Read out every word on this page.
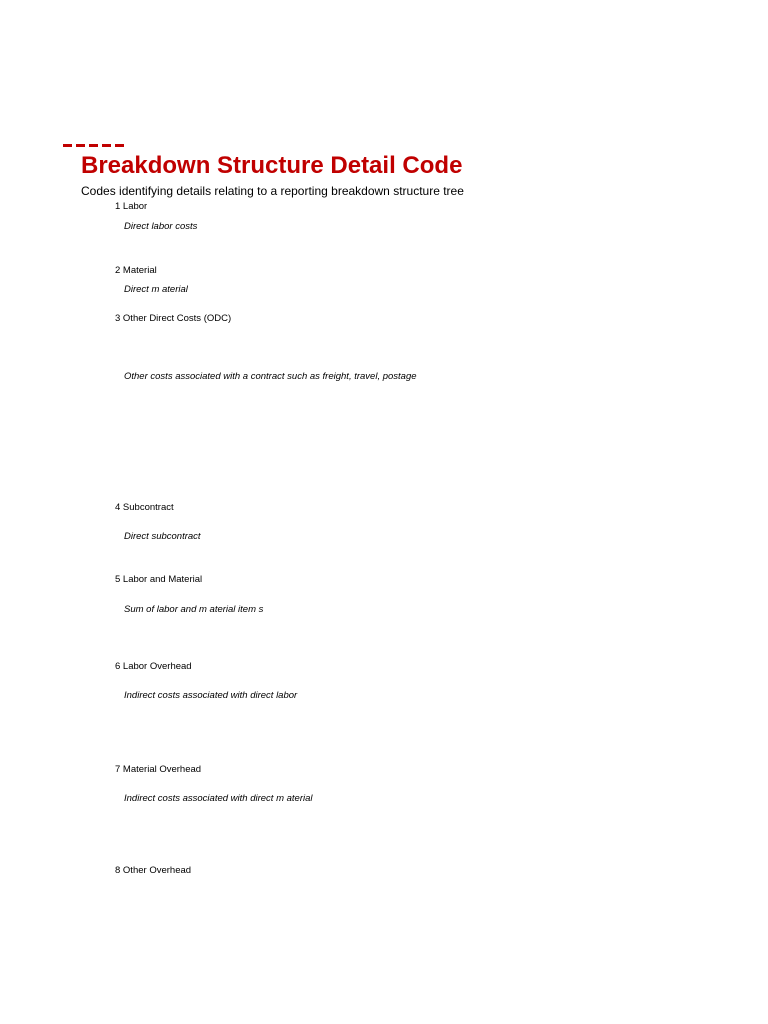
Breakdown Structure Detail Code
Codes identifying details relating to a reporting breakdown structure tree
1 Labor
Direct labor costs
2 Material
Direct m aterial
3 Other Direct Costs (ODC)
Other costs associated with a contract such as freight, travel, postage
4 Subcontract
Direct subcontract
5 Labor and Material
Sum of labor and m aterial item s
6 Labor Overhead
Indirect costs associated with direct labor
7 Material Overhead
Indirect costs associated with direct m aterial
8 Other Overhead
